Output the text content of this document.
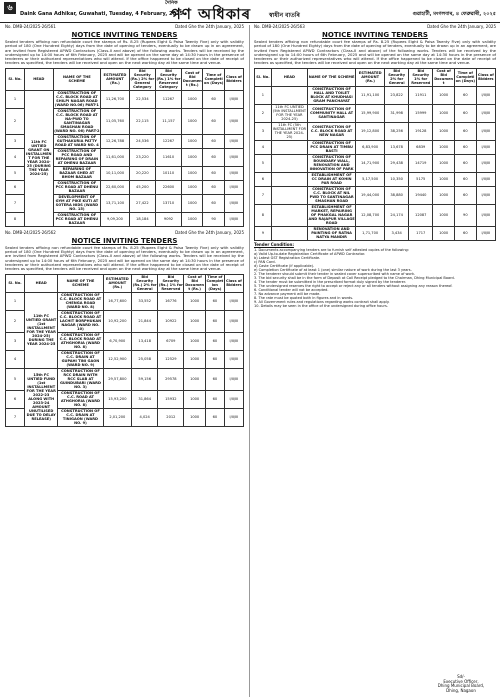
৬
Daink Gana Adhikar, Guwahati, Tuesday, 4 February, 2025
দৈনিক
গণ অধিকাৰ	স্বাধীন বাতৰি	গুৱাহাটী, মংগলবাৰ, ৪ ফেব্ৰুৱাৰী, ২০২৫
No. DMB-24/2025-26/561	Dated Ghe the 24th January, 2025
NOTICE INVITING TENDERS
Sealed tenders affixing non refundable court fee stamps of Rs. 8.25 (Rupees Eight & Paisa Twenty Five) only with validity period of 180 (One Hundred Eighty) days from the date of opening of tenders, eventually to be drawn up in an agreement, are invited from Registered APWD Contractors (Class-II and above) of the following works. Tenders will be received by the undersigned up to 14:00 hours of 6th February, 2025 and will be opened on the same day at 14:30 hours in the presence of tenderers or their authorized representatives who will attend. If the office happened to be closed on the date of receipt of tenders as specified, the tenders will be received and open on the next working day at the same time and venue.
Sl. No.	HEAD	NAME OF THE SCHEME	ESTIMATED AMOUNT (Rs.)	Bid Security (Rs.) 2% for General Category	Bid Security (Rs.) 1% for Reserved Category	Cost of Bid Document (Rs.)	Time of Completion (Days)	Class of Bidders
1	11th FC UNTIED GRANT ON INSTALLMENT FOR THE YEAR 2024-25 (DURING THE YEAR 2024-25)	CONSTRUCTION OF C.C. BLOCK ROAD AT SHILPI NAGAR ROAD (WARD NO.06) PART-1	11,26,700	22,534	11267	1000	60	I/II/III
2		CONSTRUCTION OF C.C. BLOCK ROAD AT NA-PWD TO SANTINAGAR SMASHAN ROAD (WARD NO. 06) PART-2	11,05,760	22,115	11,157	1000	60	I/II/III
3		CONSTRUCTION OF GUTHAKURIA PATTY ROAD AT WARD NO. 4	12,26,788	24,536	12267	1000	60	I/II/III
4		CONSTRUCTION OF PCC ROAD AND REPAIRING OF DRAIN AT DHENU BAZAAR	11,61,000	23,220	11610	1000	60	I/II/III
5		REPAIRING OF BAZAAR SHED AT BHOM BAZAAR	10,11,000	20,220	10110	1000	60	I/II/III
6		CONSTRUCTION OF PCC ROAD AT DHENU BAZAAR	22,60,000	45,200	22600	1000	60	I/II/III
7		DEVELOPMENT OF GYM AT PIKE KUTI AT SOTERA NIDS (WARD NO. 15)	13,71,100	27,422	13710	1000	60	I/II/III
8		CONSTRUCTION OF PCC ROAD AT DHENU BAZAAR	9,09,200	18,184	9092	1000	90	I/II/III
No. DMB-24/2025-26/562	Dated Ghe the 24th January, 2025
NOTICE INVITING TENDERS
Sealed tenders affixing non refundable court fee stamps of Rs. 8.25 (Rupees Eight & Paisa Twenty Five) only with validity period of 180 (One Hundred Eighty) days from the date of opening of tenders, eventually to be drawn up in an agreement, are invited from Registered APWD Contractors (Class-II and above) of the following works. Tenders will be received by the undersigned up to 14:00 hours of 6th February, 2025 and will be opened on the same day at 14:30 hours in the presence of tenderers or their authorized representatives who will attend. If the office happened to be closed on the date of receipt of tenders as specified, the tenders will be received and open on the next working day at the same time and venue.
Sl. No.	HEAD	NAME OF THE SCHEME	ESTIMATED AMOUNT (Rs.)	Bid Security (Rs.) 2% for General	Bid Security (Rs.) 1% for Reserved	Cost of Bid Document (Rs.)	Time of Completion (Days)	Class of Bidders
1	11th FC UNTIED GRANT (1st INSTALLMENT FOR THE YEAR 2024-25) DURING THE YEAR 2024-25	CONSTRUCTION OF C.C. BLOCK ROAD AT CHENGA ROAD (WARD NO. 8)	16,77,600	33,552	16776	1000	60	I/II/III
2		CONSTRUCTION OF C.C. BLOCK ROAD AT LACHIT BORPHUKAN NAGAR (WARD NO. 10)	10,92,200	21,844	10922	1000	60	I/II/III
3		CONSTRUCTION OF C.C. BLOCK ROAD AT ATHGHORIA (WARD NO. 8)	6,70,900	13,418	6709	1000	60	I/II/III
4		CONSTRUCTION OF C.C. DRAIN AT GUPAHI TINI GAON (WARD NO. 9)	12,52,900	25,058	12529	1000	60	I/II/III
5	15th FC UNTIED FUND (1st INSTALLMENT FOR THE YEAR 2022-23 ALONG WITH 2023-24 AMOUNT UNUTILISED DUE TO DELAY RELEASE)	CONSTRUCTION OF RCC DRAIN WITH RCC SLAB AT GUINDUBARI (WARD NO. 3)	29,57,800	59,156	29578	1000	60	I/II/III
6		CONSTRUCTION OF C.C. ROAD AT ATHGHORIA (WARD NO. 8)	15,93,200	31,864	15932	1000	60	I/II/III
7		CONSTRUCTION OF C.C. DRAIN AT TINIGAON (WARD NO. 9)	2,01,200	4,024	2012	1000	60	I/II/III
No. DMB-24/2025-26/563	Dated Ghe the 24th January, 2025
NOTICE INVITING TENDERS
Sealed tenders affixing non refundable court fee stamps of Rs. 8.25 (Rupees Eight & Paisa Twenty Five) only with validity period of 180 (One Hundred Eighty) days from the date of opening of tenders, eventually to be drawn up in an agreement, are invited from Registered APWD Contractors (Class-II and above) of the following works. Tenders will be received by the undersigned up to 14:00 hours of 6th February, 2025 and will be opened on the same day at 14:30 hours in the presence of tenderers or their authorized representatives who will attend. If the office happened to be closed on the date of receipt of tenders as specified, the tenders will be received and open on the next working day at the same time and venue.
Sl. No.	HEAD	NAME OF THE SCHEME	ESTIMATED AMOUNT (Rs.)	Bid Security 2% for General	Bid Security 1% for Reserved	Cost of Bid Document	Time of Completion (Days)	Class of Bidders
1		CONSTRUCTION OF HALL AND TOILET BLOCK AT KHUDHASI GRAM PANCHAYAT	11,91,100	23,822	11911	1000	60	I/II/III
2	11th FC UNTIED (5th INSTALLMENT FOR THE YEAR 2024-25)	CONSTRUCTION OF COMMUNITY HALL AT SANTINAGAR	15,99,900	31,998	15999	1000	60	I/II/III
3	11th FC (5th INSTALLMENT FOR THE YEAR 2024-25)	CONSTRUCTION OF C.C. BLOCK ROAD AT NEW NAGAR	19,12,800	38,256	19128	1000	60	I/II/III
4		CONSTRUCTION OF PCC DRAIN AT TIMBU BASTI	6,83,900	13,678	6839	1000	60	I/II/III
5		CONSTRUCTION OF BOUNDARY WALL, RENOVATION AND INNOVATION OF PARK	14,71,900	29,438	14719	1000	60	I/II/III
6		ESTABLISHMENT OF CC DRAIN AT KOHIN PAR ROAD	5,17,500	10,350	5175	1000	60	I/II/III
7		CONSTRUCTION OF C.C. BLOCK AT NIL PWD TO SANTINAGAR SMASHAN ROAD	19,44,000	38,880	19440	1000	60	I/II/III
8		ESTABLISHMENT OF MARKET, REPAIRING OF PHAKGAL NAGAR AND RAJAPUR VILLAGE ROAD	12,08,700	24,174	12087	1000	90	I/II/III
9		RENOVATION AND PAINTING OF RATNA NATYA MANDIR	1,71,700	3,434	1717	1000	60	I/II/III
Tender Condition:
1. Documents accompanying tenders are to furnish self attested copies of the following:
a) Valid Up-to-date Registration Certificate of APWD Contractor.
b) Latest GST Registration Certificate.
c) PAN Card.
d) Caste Certificate (if applicable).
e) Completion Certificate of at least 1 (one) similar nature of work during the last 3 years.
2. The tenderer should submit their tender in sealed cover superscribed with name of work.
3. The bid security shall be in the form of Deposit at Call Receipt pledged to the Chairman, Dhing Municipal Board.
4. The tender must be submitted in the prescribed format duly signed by the tenderer.
5. The undersigned reserves the right to accept or reject any or all tenders without assigning any reason thereof.
6. Conditional tender will not be accepted.
7. No advance payment will be made.
8. The rate must be quoted both in figures and in words.
9. All Government rules and regulations regarding works contract shall apply.
10. Details may be seen in the office of the undersigned during office hours.
Sd/-
Executive Officer,
Dhing Municipal Board,
Dhing, Nagaon
